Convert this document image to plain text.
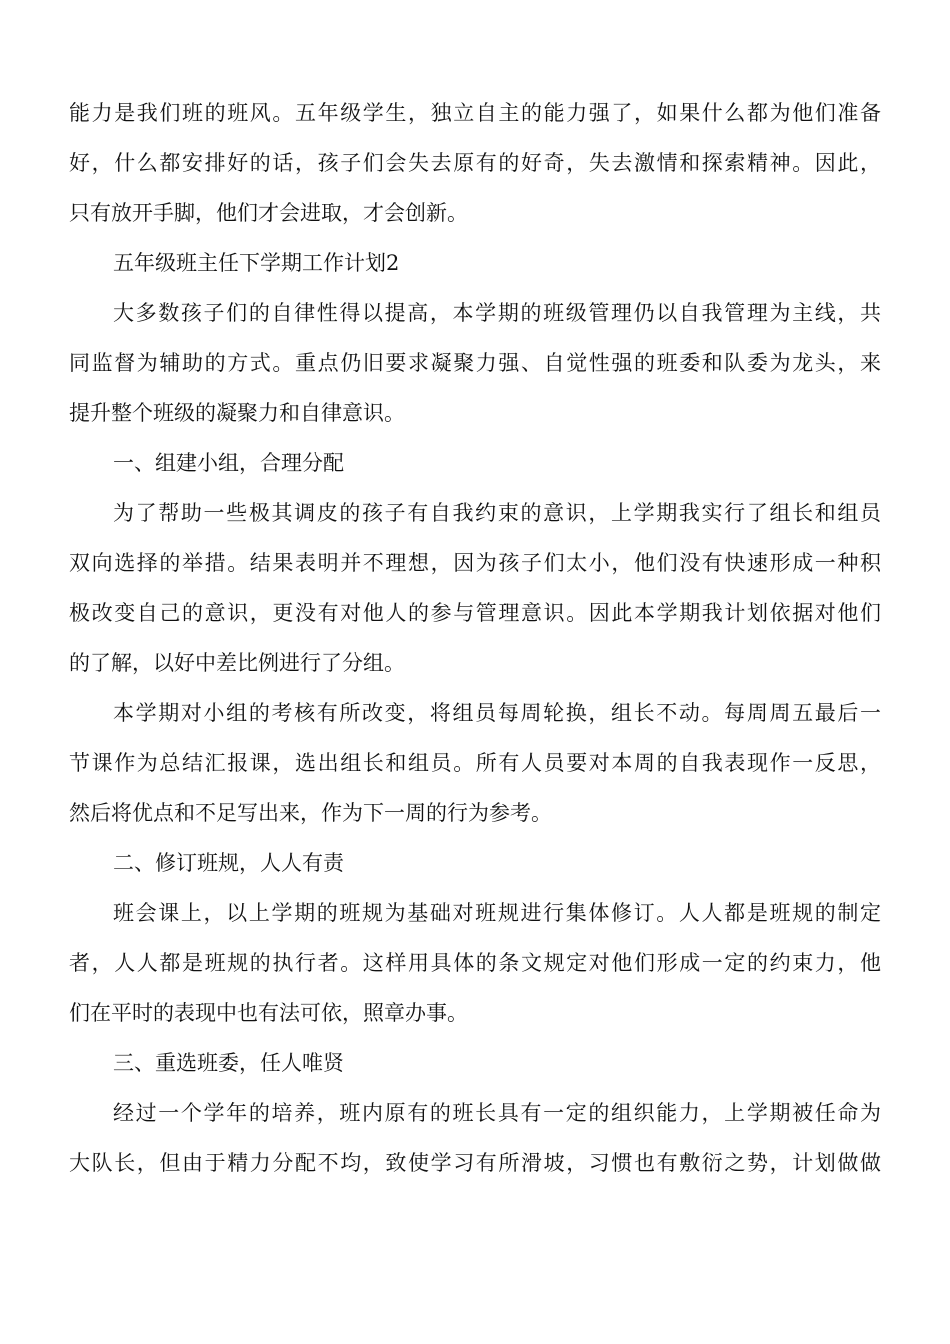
能力是我们班的班风。五年级学生，独立自主的能力强了，如果什么都为他们准备
好，什么都安排好的话，孩子们会失去原有的好奇，失去激情和探索精神。因此，
只有放开手脚，他们才会进取，才会创新。
五年级班主任下学期工作计划2
大多数孩子们的自律性得以提高，本学期的班级管理仍以自我管理为主线，共
同监督为辅助的方式。重点仍旧要求凝聚力强、自觉性强的班委和队委为龙头，来
提升整个班级的凝聚力和自律意识。
一、组建小组，合理分配
为了帮助一些极其调皮的孩子有自我约束的意识，上学期我实行了组长和组员
双向选择的举措。结果表明并不理想，因为孩子们太小，他们没有快速形成一种积
极改变自己的意识，更没有对他人的参与管理意识。因此本学期我计划依据对他们
的了解，以好中差比例进行了分组。
本学期对小组的考核有所改变，将组员每周轮换，组长不动。每周周五最后一
节课作为总结汇报课，选出组长和组员。所有人员要对本周的自我表现作一反思，
然后将优点和不足写出来，作为下一周的行为参考。
二、修订班规，人人有责
班会课上，以上学期的班规为基础对班规进行集体修订。人人都是班规的制定
者，人人都是班规的执行者。这样用具体的条文规定对他们形成一定的约束力，他
们在平时的表现中也有法可依，照章办事。
三、重选班委，任人唯贤
经过一个学年的培养，班内原有的班长具有一定的组织能力，上学期被任命为
大队长，但由于精力分配不均，致使学习有所滑坡，习惯也有敷衍之势，计划做做
